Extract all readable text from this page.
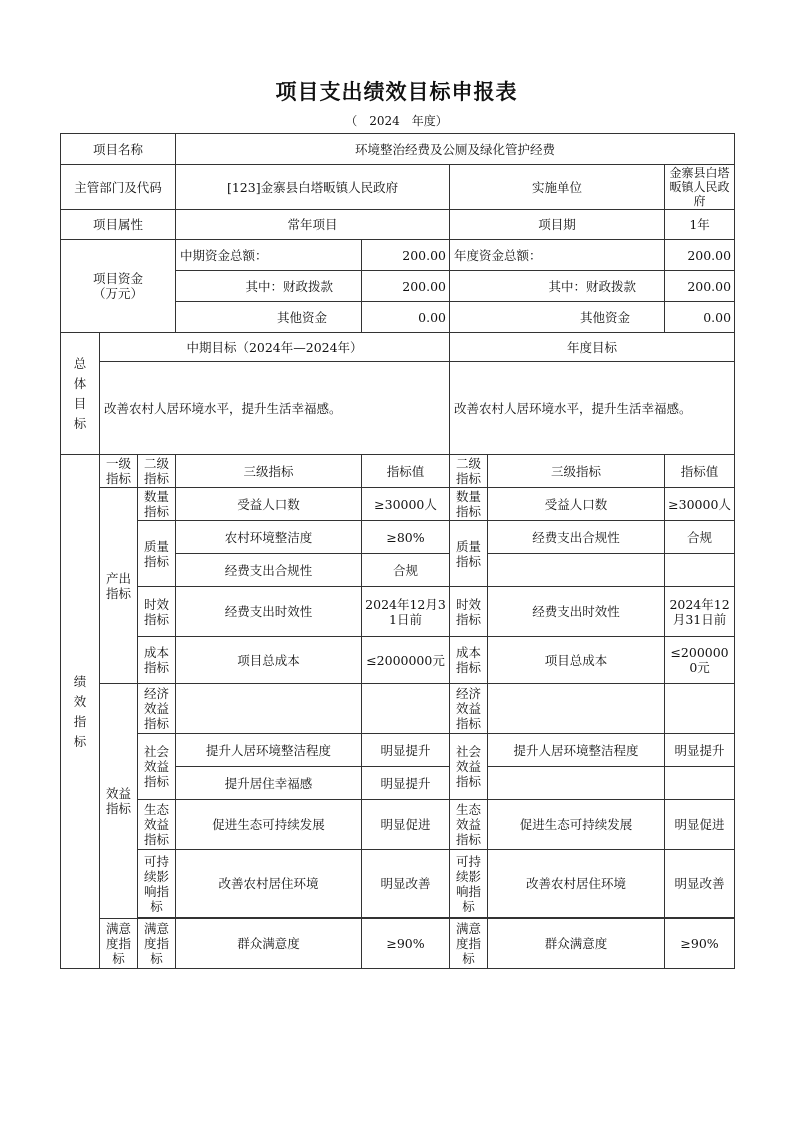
项目支出绩效目标申报表
（　2024　年度）
项目名称			环境整治经费及公厕及绿化管护经费				
主管部门及代码			[123]金寨县白塔畈镇人民政府		实施单位		金寨县白塔畈镇人民政府
项目属性			常年项目		项目期		1年
项目资金（万元）			中期资金总额：	200.00	年度资金总额：		200.00
			其中：财政拨款	200.00	其中：财政拨款		200.00
			其他资金	0.00	其他资金		0.00
总体目标	中期目标（2024年—2024年）				年度目标		
	改善农村人居环境水平，提升生活幸福感。				改善农村人居环境水平，提升生活幸福感。		
绩效指标	一级指标	二级指标	三级指标	指标值	二级指标	三级指标	指标值
	产出指标	数量指标	受益人口数	≥30000人	数量指标	受益人口数	≥30000人
		质量指标	农村环境整洁度	≥80%	质量指标	经费支出合规性	合规
			经费支出合规性	合规			
		时效指标	经费支出时效性	2024年12月31日前	时效指标	经费支出时效性	2024年12月31日前
		成本指标	项目总成本	≤2000000元	成本指标	项目总成本	≤2000000元
	效益指标	经济效益指标			经济效益指标		
		社会效益指标	提升人居环境整洁程度	明显提升	社会效益指标	提升人居环境整洁程度	明显提升
			提升居住幸福感	明显提升			
		生态效益指标	促进生态可持续发展	明显促进	生态效益指标	促进生态可持续发展	明显促进
		可持续影响指标	改善农村居住环境	明显改善	可持续影响指标	改善农村居住环境	明显改善

	满意度指标	满意度指标	群众满意度	≥90%	满意度指标	群众满意度	≥90%
